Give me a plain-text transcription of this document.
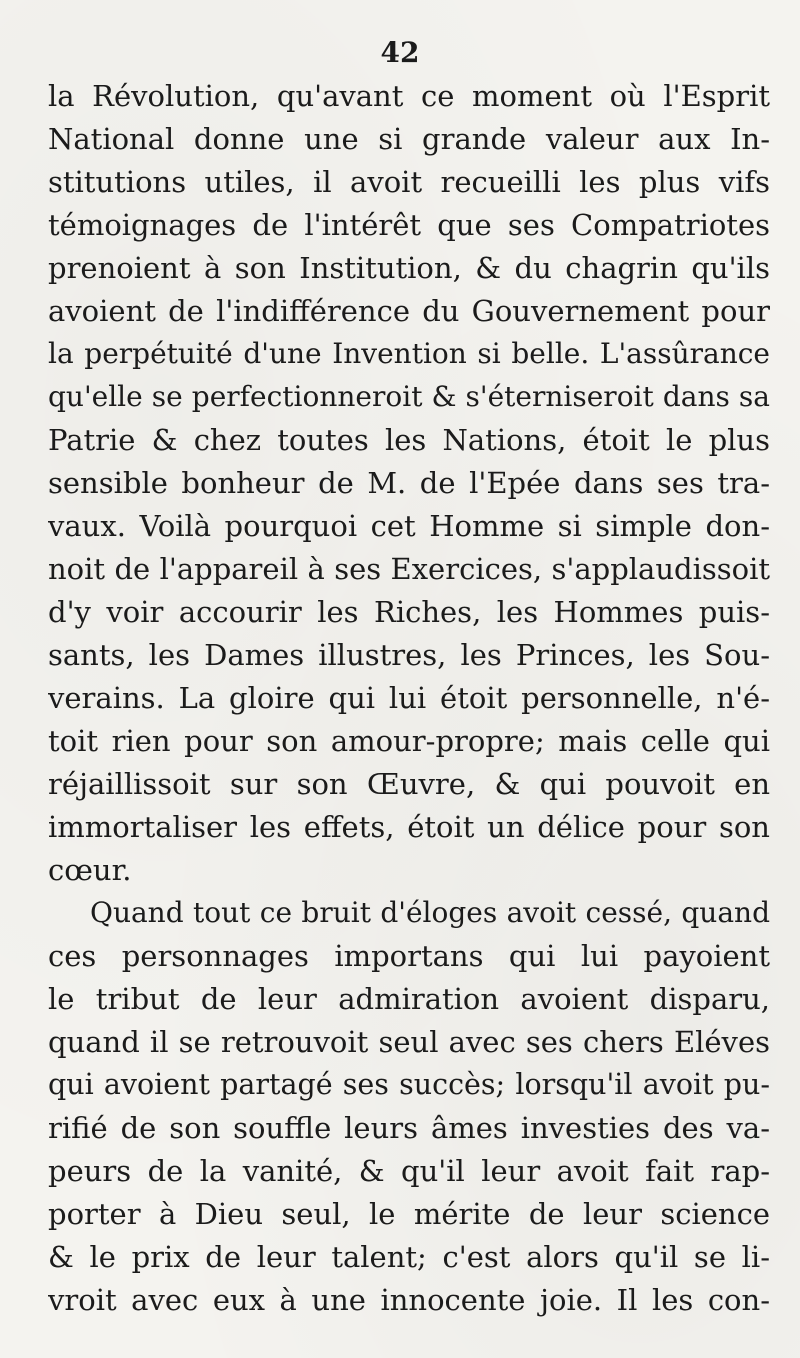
42
la Révolution, qu'avant ce moment où l'Esprit
National donne une si grande valeur aux In-
stitutions utiles, il avoit recueilli les plus vifs
témoignages de l'intérêt que ses Compatriotes
prenoient à son Institution, & du chagrin qu'ils
avoient de l'indifférence du Gouvernement pour
la perpétuité d'une Invention si belle. L'assûrance
qu'elle se perfectionneroit & s'éterniseroit dans sa
Patrie & chez toutes les Nations, étoit le plus
sensible bonheur de M. de l'Epée dans ses tra-
vaux. Voilà pourquoi cet Homme si simple don-
noit de l'appareil à ses Exercices, s'applaudissoit
d'y voir accourir les Riches, les Hommes puis-
sants, les Dames illustres, les Princes, les Sou-
verains. La gloire qui lui étoit personnelle, n'é-
toit rien pour son amour-propre; mais celle qui
réjaillissoit sur son Œuvre, & qui pouvoit en
immortaliser les effets, étoit un délice pour son
cœur.
Quand tout ce bruit d'éloges avoit cessé, quand
ces personnages importans qui lui payoient
le tribut de leur admiration avoient disparu,
quand il se retrouvoit seul avec ses chers Eléves
qui avoient partagé ses succès; lorsqu'il avoit pu-
rifié de son souffle leurs âmes investies des va-
peurs de la vanité, & qu'il leur avoit fait rap-
porter à Dieu seul, le mérite de leur science
& le prix de leur talent; c'est alors qu'il se li-
vroit avec eux à une innocente joie. Il les con-
